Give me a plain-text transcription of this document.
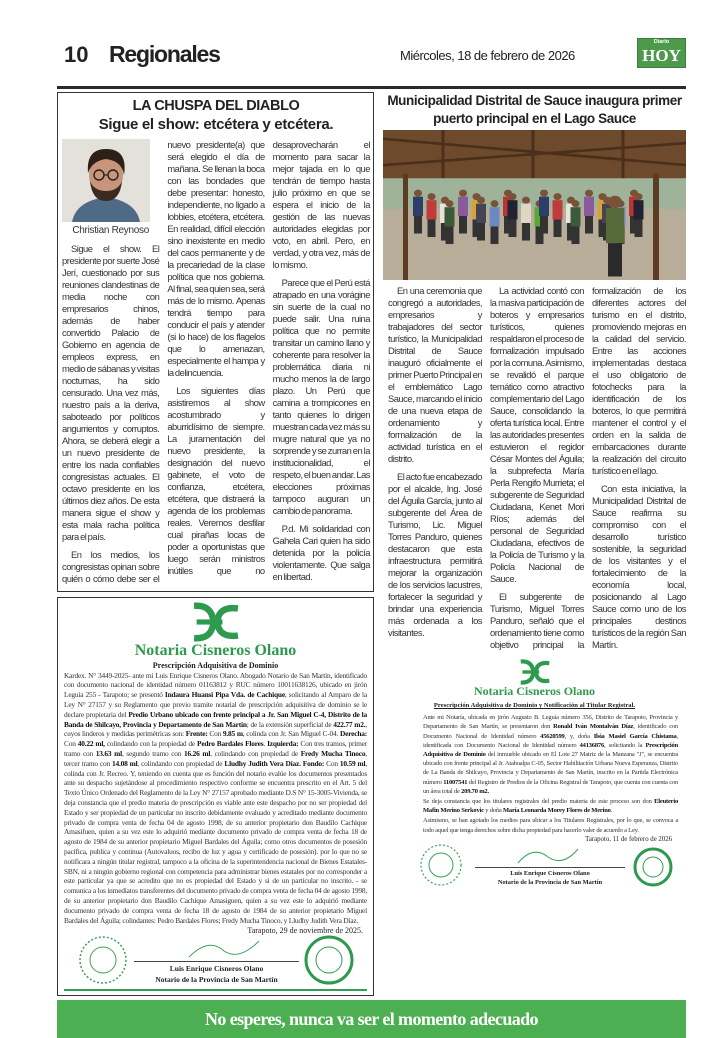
10 Regionales	Miércoles, 18 de febrero de 2026
Diario
HOY
LA CHUSPA DEL DIABLO
Sigue el show: etcétera y etcétera.

Christian Reynoso

Sigue el show. El presidente por suerte José Jerí, cuestionado por sus reuniones clandestinas de media noche con empresarios chinos, además de haber convertido Palacio de Gobierno en agencia de empleos express, en medio de sábanas y visitas nocturnas, ha sido censurado. Una vez más, nuestro país a la deriva, saboteado por políticos angurrientos y corruptos. Ahora, se deberá elegir a un nuevo presidente de entre los nada confiables congresistas actuales. El octavo presidente en los últimos diez años. De esta manera sigue el show y esta mala racha política para el país.

En los medios, los congresistas opinan sobre quién o cómo debe ser el nuevo presidente(a) que será elegido el día de mañana. Se llenan la boca con las bondades que debe presentar: honesto, independiente, no ligado a lobbies, etcétera, etcétera. En realidad, difícil elección sino inexistente en medio del caos permanente y de la precariedad de la clase política que nos gobierna. Al final, sea quien sea, será más de lo mismo. Apenas tendrá tiempo para conducir el país y atender (si lo hace) de los flagelos que lo amenazan, especialmente el hampa y la delincuencia.

Los siguientes días asistiremos al show acostumbrado y aburridísimo de siempre. La juramentación del nuevo presidente, la designación del nuevo gabinete, el voto de confianza, etcétera, etcétera, que distraerá la agenda de los problemas reales. Veremos desfilar cual pirañas locas de poder a oportunistas que luego serán ministros inútiles que no desaprovecharán el momento para sacar la mejor tajada en lo que tendrán de tiempo hasta julio próximo en que se espera el inicio de la gestión de las nuevas autoridades elegidas por voto, en abril. Pero, en verdad, y otra vez, más de lo mismo.

Parece que el Perú está atrapado en una vorágine sin suerte de la cual no puede salir. Una ruina política que no permite transitar un camino llano y coherente para resolver la problemática diaria ni mucho menos la de largo plazo. Un Perú que camina a trompicones en tanto quienes lo dirigen muestran cada vez más su mugre natural que ya no sorprende y se zurran en la institucionalidad, el respeto, el buen andar. Las elecciones próximas tampoco auguran un cambio de panorama.

P.d. Mi solidaridad con Gahela Cari quien ha sido detenida por la policía violentamente. Que salga en libertad.

Notaria Cisneros Olano
Prescripción Adquisitiva de Dominio
Kardex. N° 3449-2025- ante mi Luis Enrique Cisneros Olano. Abogado Notario de San Martín, identificado con documento nacional de identidad número 01163812 y RUC número 10011638126, ubicado en jirón Leguía 255 - Tarapoto; se presentó Indaura Huansi Pipa Vda. de Cachique, solicitando al Amparo de la Ley N° 27157 y su Reglamento que previo tramite notarial de prescripción adquisitiva de dominio se le declare propietaria del Predio Urbano ubicado con frente principal a Jr. San Miguel C-4, Distrito de la Banda de Shilcayo, Provincia y Departamento de San Martín; de la extensión superficial de 422.77 m2., cuyos linderos y medidas perimétricas son: Frente: Con 9.85 m, colinda con Jr. San Miguel C-04. Derecha: Con 40.22 ml, colindando con la propiedad de Pedro Bardales Flores. Izquierda: Con tres tramos, primer tramo con 13.63 ml, segundo tramo con 16.26 ml, colindando con propiedad de Fredy Mucha Tinoco, tercer tramo con 14.08 ml, colindando con propiedad de Lludhy Judith Vera Díaz. Fondo: Con 10.59 ml, colinda con Jr. Recreo. Y, teniendo en cuenta que es función del notario evalúe los documentos presentados ante su despacho sujetándose al procedimiento respectivo conforme se encuentra prescrito en el Art. 5 del Texto Único Ordenado del Reglamento de la Ley N° 27157 aprobado mediante D.S N° 15-3005-Vivienda, se deja constancia que el predio materia de prescripción es viable ante este despacho por no ser propiedad del Estado y ser propiedad de un particular no inscrito debidamente evaluado y acreditado mediante documento privado de compra venta de fecha 04 de agosto 1998, de su anterior propietario don Baudilo Cachique Amasifuen, quien a su vez este lo adquirió mediante documento privado de compra venta de fecha 18 de agosto de 1984 de su anterior propietario Miguel Bardales del Águila; como otros documentos de posesión pacífica, publica y continua (Autovaluos, recibo de luz y agua y certificado de posesión). por lo que no se notificara a ningún titular registral, tampoco a la oficina de la superintendencia nacional de Bienes Estatales-SBN, ni a ningún gobierno regional con competencia para administrar bienes estatales por no corresponder a este particular ya que se acredito que no es propiedad del Estado y si de un particular no inscrito. - se comunica a los inmediatos transferentes del documento privado de compra venta de fecha 04 de agosto 1998, de su anterior propietario don Baudilo Cachique Amasiguen, quien a su vez este lo adquirió mediante documento privado de compra venta de fecha 18 de agosto de 1984 de su anterior propietario Miguel Bardales del Águila; colindantes: Pedro Bardales Flores; Fredy Mucha Tinoco, y Lludhy Judith Vera Díaz.
Tarapoto, 29 de noviembre de 2025.
Luis Enrique Cisneros Olano
Notario de la Provincia de San Martín
Municipalidad Distrital de Sauce inaugura primer puerto principal en el Lago Sauce

En una ceremonia que congregó a autoridades, empresarios y trabajadores del sector turístico, la Municipalidad Distrital de Sauce inauguró oficialmente el primer Puerto Principal en el emblemático Lago Sauce, marcando el inicio de una nueva etapa de ordenamiento y formalización de la actividad turística en el distrito.

El acto fue encabezado por el alcalde, Ing. José del Águila García, junto al subgerente del Área de Turismo, Lic. Miguel Torres Panduro, quienes destacaron que esta infraestructura permitirá mejorar la organización de los servicios lacustres, fortalecer la seguridad y brindar una experiencia más ordenada a los visitantes.

La actividad contó con la masiva participación de boteros y empresarios turísticos, quienes respaldaron el proceso de formalización impulsado por la comuna. Asimismo, se revalidó el parque temático como atractivo complementario del Lago Sauce, consolidando la oferta turística local. Entre las autoridades presentes estuvieron el regidor César Montes del Águila; la subprefecta María Perla Rengifo Murrieta; el subgerente de Seguridad Ciudadana, Kenet Mori Ríos; además del personal de Seguridad Ciudadana, efectivos de la Policía de Turismo y la Policía Nacional de Sauce.

El subgerente de Turismo, Miguel Torres Panduro, señaló que el ordenamiento tiene como objetivo principal la formalización de los diferentes actores del turismo en el distrito, promoviendo mejoras en la calidad del servicio. Entre las acciones implementadas destaca el uso obligatorio de fotochecks para la identificación de los boteros, lo que permitirá mantener el control y el orden en la salida de embarcaciones durante la realización del circuito turístico en el lago.

Con esta iniciativa, la Municipalidad Distrital de Sauce reafirma su compromiso con el desarrollo turístico sostenible, la seguridad de los visitantes y el fortalecimiento de la economía local, posicionando al Lago Sauce como uno de los principales destinos turísticos de la región San Martín.

Notaria Cisneros Olano
Prescripción Adquisitiva de Dominio y Notificación al Titular Registral.
Ante mi Notaría, ubicada en jirón Augusto B. Leguía número 356, Distrito de Tarapoto, Provincia y Departamento de San Martín, se presentaron don Ronald Iván Montalván Díaz, identificado con Documento Nacional de Identidad número 45620599, y, doña Ilsia Masiel García Chistama, identificada con Documento Nacional de Identidad número 44136876, solicitando la Prescripción Adquisitiva de Dominio del inmueble ubicado en El Lote 27 Matriz de la Manzana "J", se encuentra ubicado con frente principal al Jr. Atahualpa C-05, Sector Habilitación Urbana Nueva Esperanza, Distrito de La Banda de Shilcayo, Provincia y Departamento de San Martín, inscrito en la Partida Electrónica número 11007541 del Registro de Predios de la Oficina Registral de Tarapoto, que cuenta con cuenta con un área total de 209.70 m2.
Se deja constancia que los titulares registrales del predio materia de este proceso son don Eleuterio Mafin Merino Serkovic y doña María Leonarda Morey Flores de Merino.
Asimismo, se han agotado los medios para ubicar a los Titulares Registrales, por lo que, se convoca a todo aquel que tenga derechos sobre dicha propiedad para hacerlo valer de acuerdo a Ley.
Tarapoto, 11 de febrero de 2026
Luis Enrique Cisneros Olano
Notario de la Provincia de San Martín
No esperes, nunca va ser el momento adecuado
